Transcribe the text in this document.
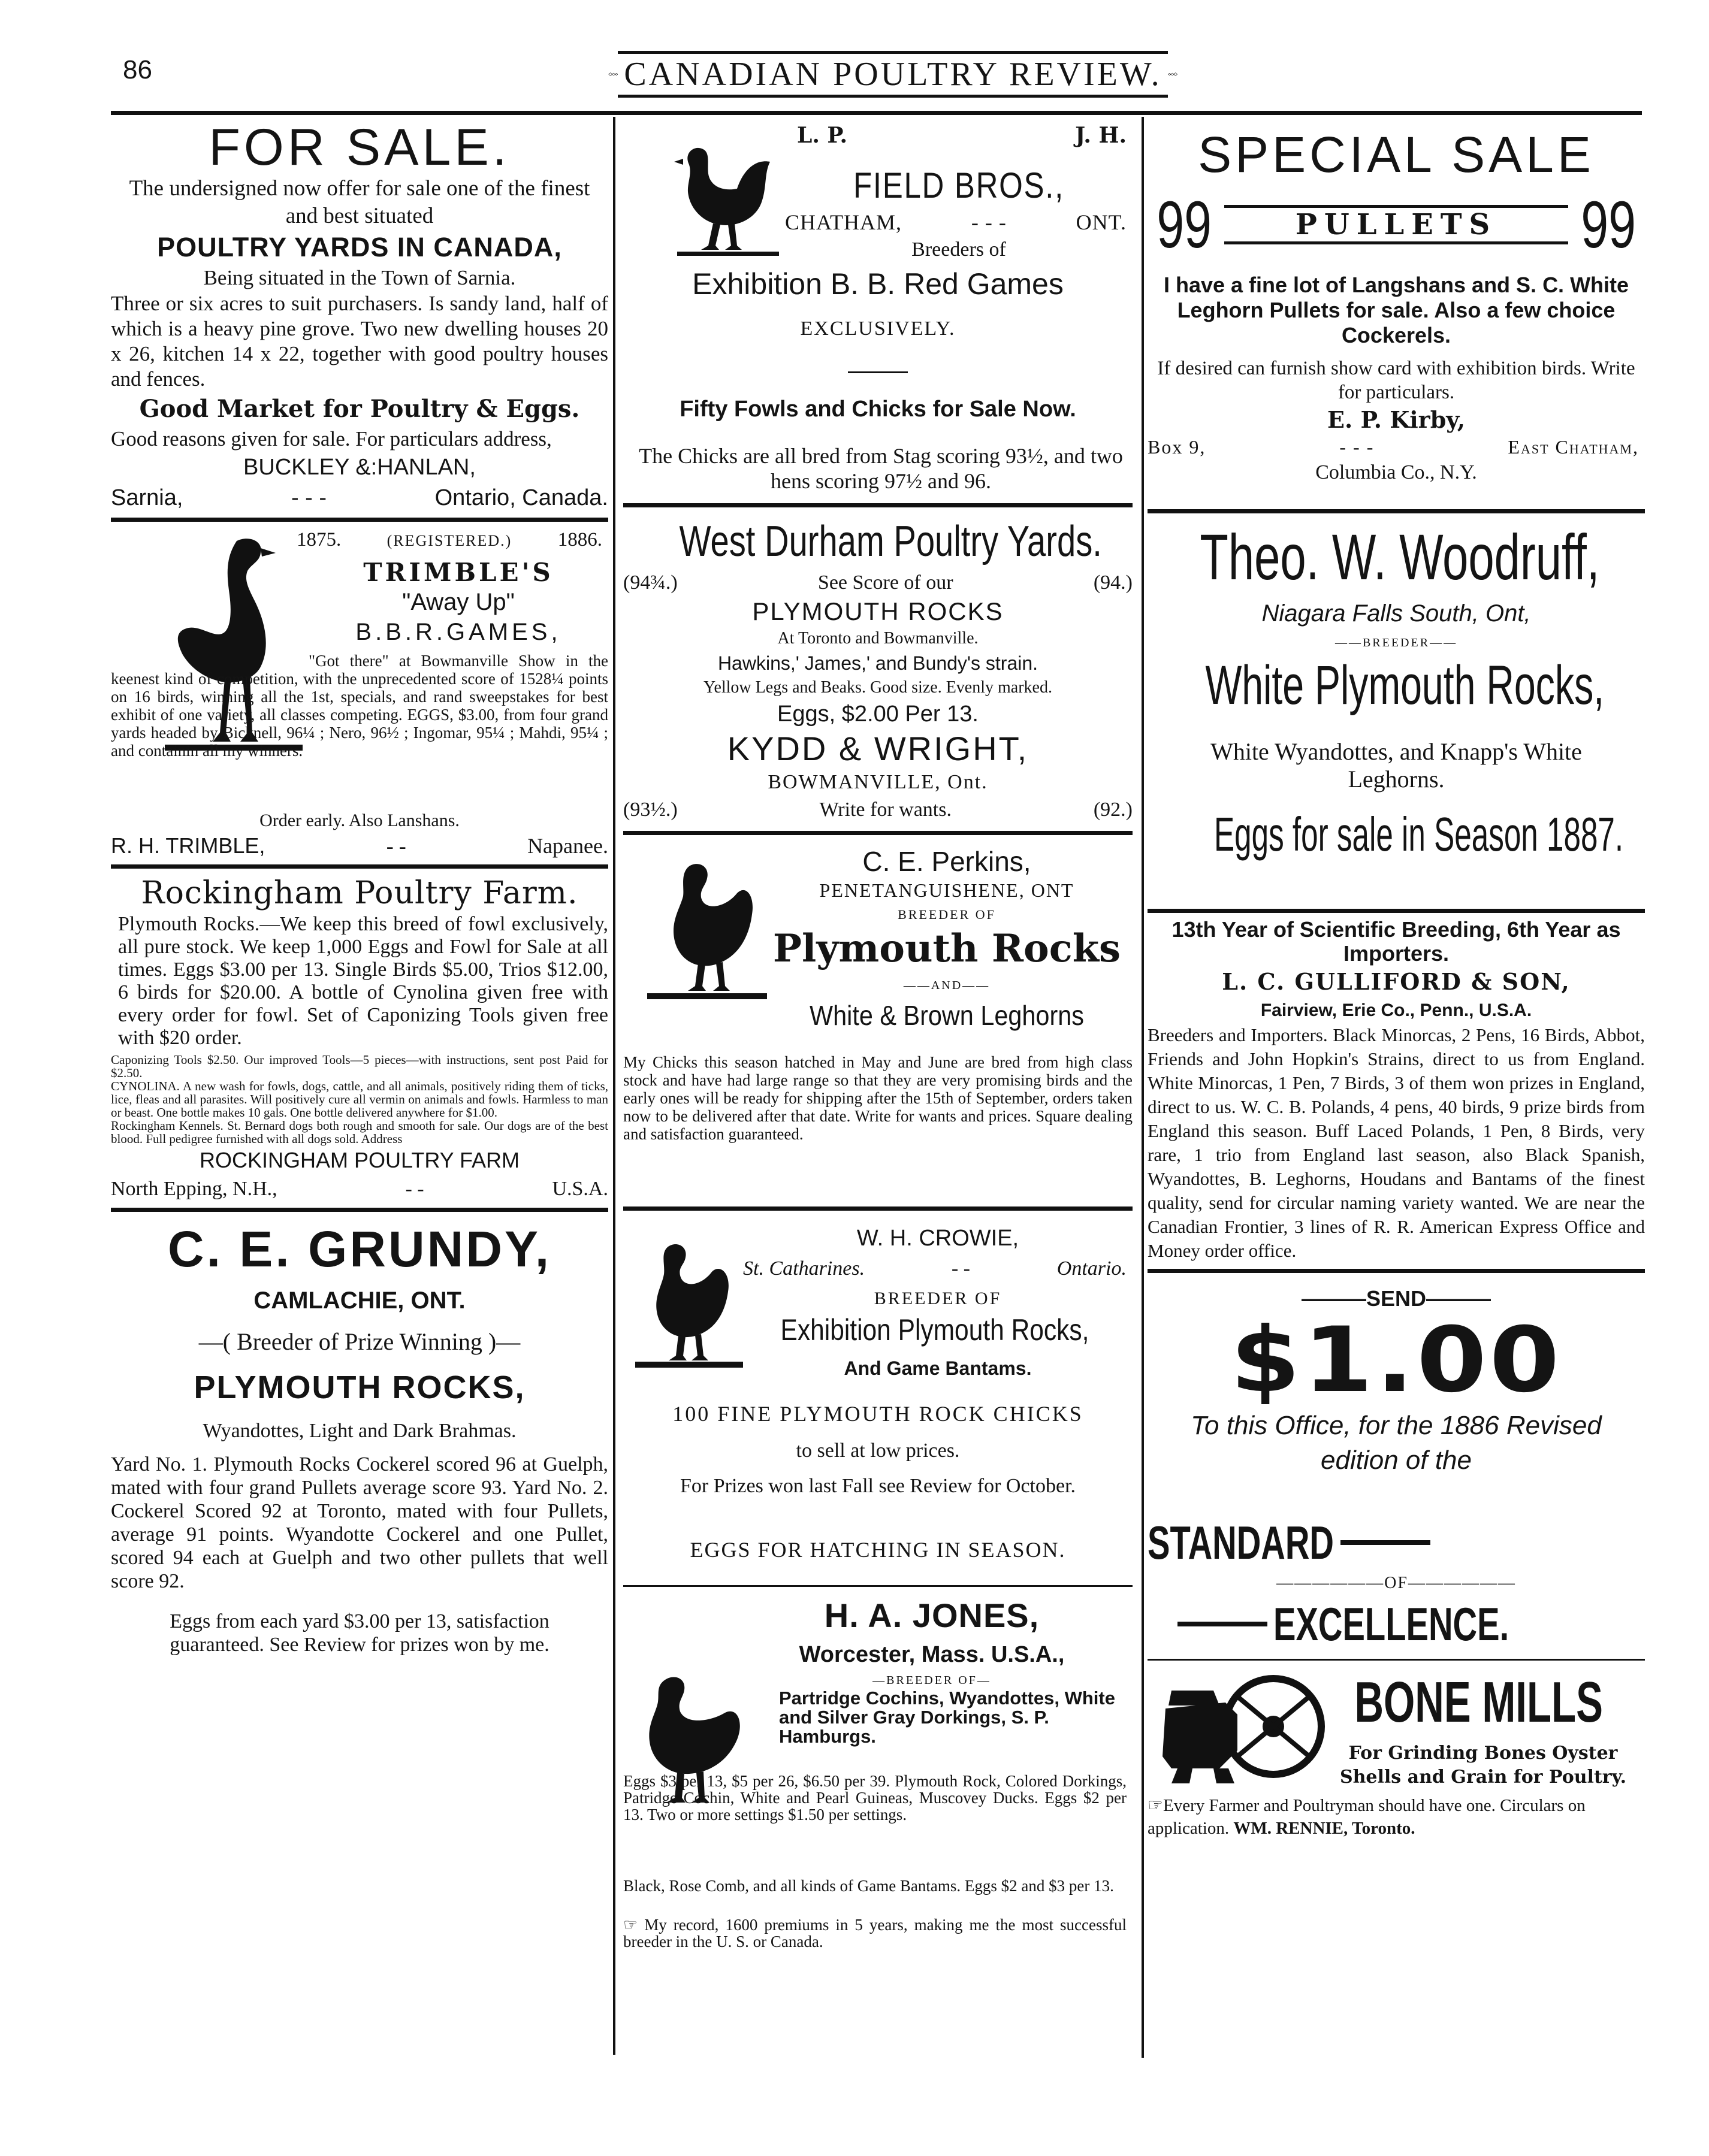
86	CANADIAN POULTRY REVIEW.
FOR SALE.
The undersigned now offer for sale one of the finest and best situated
POULTRY YARDS IN CANADA,
Being situated in the Town of Sarnia.
Three or six acres to suit purchasers. Is sandy land, half of which is a heavy pine grove. Two new dwelling houses 20 x 26, kitchen 14 x 22, together with good poultry houses and fences.
Good Market for Poultry & Eggs.
Good reasons given for sale. For particulars address,
BUCKLEY &:HANLAN,
Sarnia,	- - -	Ontario, Canada.
1875.	(REGISTERED.) 1886.
TRIMBLE'S
"Away Up"
B.B.R.GAMES,
"Got there" at Bowmanville Show in the keenest kind of competition, with the unprecedented score of 1528¼ points on 16 birds, winning all the 1st, specials, and rand sweepstakes for best exhibit of one variety, all classes competing. EGGS, $3.00, from four grand yards headed by Bicknell, 96¼ ; Nero, 96½ ; Ingomar, 95¼ ; Mahdi, 95¼ ; and containin all my winners.
Order early. Also Lanshans.
R. H. TRIMBLE,	- -	Napanee.
Rockingham Poultry Farm.
Plymouth Rocks.—We keep this breed of fowl exclusively, all pure stock. We keep 1,000 Eggs and Fowl for Sale at all times. Eggs $3.00 per 13. Single Birds $5.00, Trios $12.00, 6 birds for $20.00. A bottle of Cynolina given free with every order for fowl. Set of Caponizing Tools given free with $20 order.
Caponizing Tools $2.50. Our improved Tools—5 pieces—with instructions, sent post Paid for $2.50.
CYNOLINA. A new wash for fowls, dogs, cattle, and all animals, positively riding them of ticks, lice, fleas and all parasites. Will positively cure all vermin on animals and fowls. Harmless to man or beast. One bottle makes 10 gals. One bottle delivered anywhere for $1.00.
Rockingham Kennels. St. Bernard dogs both rough and smooth for sale. Our dogs are of the best blood. Full pedigree furnished with all dogs sold. Address
ROCKINGHAM POULTRY FARM
North Epping, N.H.,	- -	U.S.A.
C. E. GRUNDY,
CAMLACHIE, ONT.
—( Breeder of Prize Winning )—
PLYMOUTH ROCKS,
Wyandottes, Light and Dark Brahmas.
Yard No. 1. Plymouth Rocks Cockerel scored 96 at Guelph, mated with four grand Pullets average score 93. Yard No. 2. Cockerel Scored 92 at Toronto, mated with four Pullets, average 91 points. Wyandotte Cockerel and one Pullet, scored 94 each at Guelph and two other pullets that well score 92.
Eggs from each yard $3.00 per 13, satisfaction guaranteed. See Review for prizes won by me.
L. P.	J. H.
FIELD BROS.,
CHATHAM,	- - -	ONT.
Breeders of
Exhibition B. B. Red Games
EXCLUSIVELY.
Fifty Fowls and Chicks for Sale Now.
The Chicks are all bred from Stag scoring 93½, and two hens scoring 97½ and 96.
West Durham Poultry Yards.
(94¾.)	See Score of our	(94.)
PLYMOUTH ROCKS
At Toronto and Bowmanville.
Hawkins,' James,' and Bundy's strain.
Yellow Legs and Beaks. Good size. Evenly marked.
Eggs, $2.00 Per 13.
KYDD & WRIGHT,
BOWMANVILLE, Ont.
(93½.)	Write for wants.	(92.)
C. E. Perkins,
PENETANGUISHENE, ONT
BREEDER OF
Plymouth Rocks
——AND——
White & Brown Leghorns
My Chicks this season hatched in May and June are bred from high class stock and have had large range so that they are very promising birds and the early ones will be ready for shipping after the 15th of September, orders taken now to be delivered after that date. Write for wants and prices. Square dealing and satisfaction guaranteed.
W. H. CROWIE,
St. Catharines.	- -	Ontario.
BREEDER OF
Exhibition Plymouth Rocks,
And Game Bantams.
100 FINE PLYMOUTH ROCK CHICKS
to sell at low prices.
For Prizes won last Fall see Review for October.
EGGS FOR HATCHING IN SEASON.
H. A. JONES,
Worcester, Mass. U.S.A.,
—BREEDER OF—
Partridge Cochins, Wyandottes, White and Silver Gray Dorkings, S. P. Hamburgs.
Eggs $3 per 13, $5 per 26, $6.50 per 39. Plymouth Rock, Colored Dorkings, Patridge Cochin, White and Pearl Guineas, Muscovey Ducks. Eggs $2 per 13. Two or more settings $1.50 per settings.
Black, Rose Comb, and all kinds of Game Bantams. Eggs $2 and $3 per 13.
☞ My record, 1600 premiums in 5 years, making me the most successful breeder in the U. S. or Canada.
SPECIAL SALE
99	PULLETS	99
I have a fine lot of Langshans and S. C. White Leghorn Pullets for sale. Also a few choice Cockerels.
If desired can furnish show card with exhibition birds. Write for particulars.
E. P. Kirby,
Box 9,	- - -	East Chatham,
Columbia Co., N.Y.
Theo. W. Woodruff,
Niagara Falls South, Ont,
——BREEDER——
White Plymouth Rocks,
White Wyandottes, and Knapp's White Leghorns.
Eggs for sale in Season 1887.
13th Year of Scientific Breeding, 6th Year as Importers.
L. C. GULLIFORD & SON,
Fairview, Erie Co., Penn., U.S.A.
Breeders and Importers. Black Minorcas, 2 Pens, 16 Birds, Abbot, Friends and John Hopkin's Strains, direct to us from England. White Minorcas, 1 Pen, 7 Birds, 3 of them won prizes in England, direct to us. W. C. B. Polands, 4 pens, 40 birds, 9 prize birds from England this season. Buff Laced Polands, 1 Pen, 8 Birds, very rare, 1 trio from England last season, also Black Spanish, Wyandottes, B. Leghorns, Houdans and Bantams of the finest quality, send for circular naming variety wanted. We are near the Canadian Frontier, 3 lines of R. R. American Express Office and Money order office.
———SEND———
$1.00
To this Office, for the 1886 Revised edition of the
STANDARD
——————OF——————
EXCELLENCE.
BONE MILLS
For Grinding Bones Oyster Shells and Grain for Poultry.
☞Every Farmer and Poultryman should have one. Circulars on application. WM. RENNIE, Toronto.
